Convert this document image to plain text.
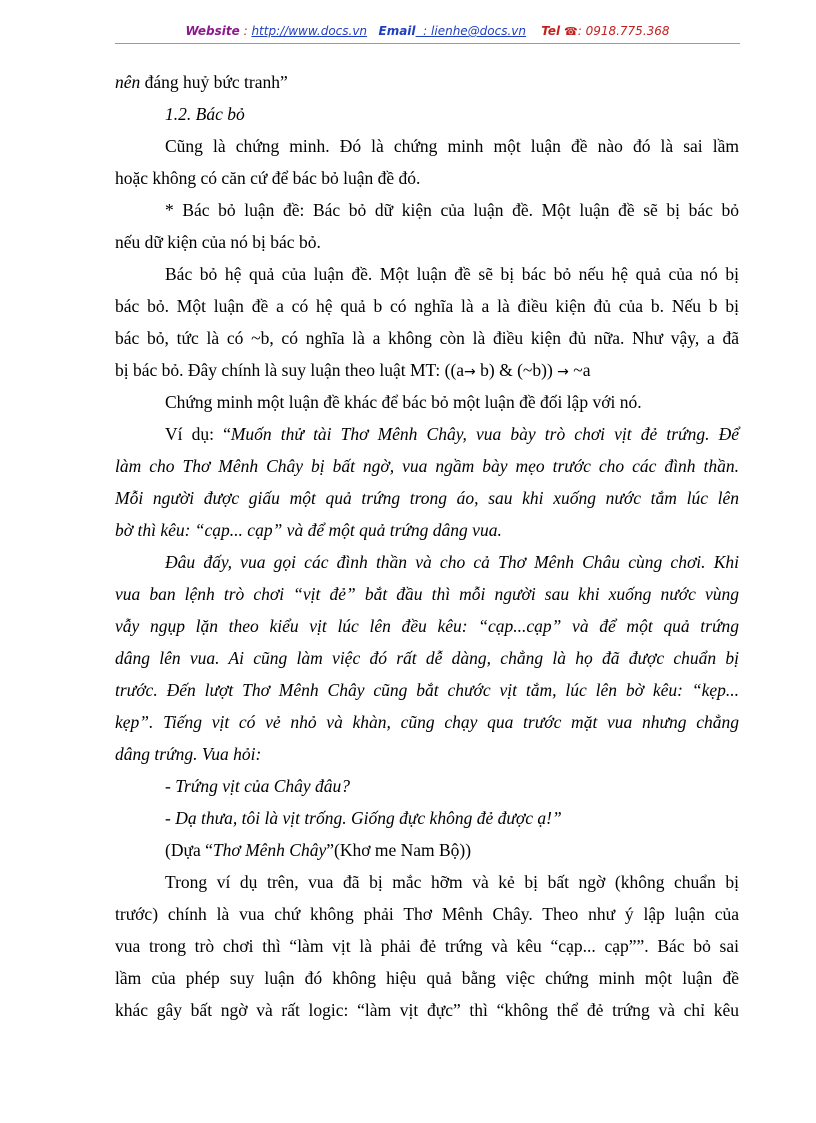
Website : http://www.docs.vn Email  : lienhe@docs.vn Tel ☎: 0918.775.368
nên đáng huỷ bức tranh”
1.2. Bác bỏ
Cũng là chứng minh. Đó là chứng minh một luận đề nào đó là sai lầm
hoặc không có căn cứ để bác bỏ luận đề đó.
* Bác bỏ luận đề: Bác bỏ dữ kiện của luận đề. Một luận đề sẽ bị bác bỏ
nếu dữ kiện của nó bị bác bỏ.
Bác bỏ hệ quả của luận đề. Một luận đề sẽ bị bác bỏ nếu hệ quả của nó bị
bác bỏ. Một luận đề a có hệ quả b có nghĩa là a là điều kiện đủ của b. Nếu b bị
bác bỏ, tức là có ~b, có nghĩa là a không còn là điều kiện đủ nữa. Như vậy, a đã
bị bác bỏ. Đây chính là suy luận theo luật MT: ((a→ b) & (~b)) → ~a
Chứng minh một luận đề khác để bác bỏ một luận đề đối lập với nó.
Ví dụ: “Muốn thử tài Thơ Mênh Chây, vua bày trò chơi vịt đẻ trứng. Để
làm cho Thơ Mênh Chây bị bất ngờ, vua ngầm bày mẹo trước cho các đình thần.
Mỗi người được giấu một quả trứng trong áo, sau khi xuống nước tắm lúc lên
bờ thì kêu: “cạp... cạp” và để một quả trứng dâng vua.
Đâu đấy, vua gọi các đình thần và cho cả Thơ Mênh Châu cùng chơi. Khi
vua ban lệnh trò chơi “vịt đẻ” bắt đầu thì mỗi người sau khi xuống nước vùng
vẫy ngụp lặn theo kiểu vịt lúc lên đều kêu: “cạp...cạp” và để một quả trứng
dâng lên vua. Ai cũng làm việc đó rất dễ dàng, chẳng là họ đã được chuẩn bị
trước. Đến lượt Thơ Mênh Chây cũng bắt chước vịt tắm, lúc lên bờ kêu: “kẹp...
kẹp”. Tiếng vịt có vẻ nhỏ và khàn, cũng chạy qua trước mặt vua nhưng chẳng
dâng trứng. Vua hỏi:
- Trứng vịt của Chây đâu?
- Dạ thưa, tôi là vịt trống. Giống đực không đẻ được ạ!”
(Dựa “Thơ Mênh Chây”(Khơ me Nam Bộ))
Trong ví dụ trên, vua đã bị mắc hỡm và kẻ bị bất ngờ (không chuẩn bị
trước) chính là vua chứ không phải Thơ Mênh Chây. Theo như ý lập luận của
vua trong trò chơi thì “làm vịt là phải đẻ trứng và kêu “cạp... cạp””. Bác bỏ sai
lầm của phép suy luận đó không hiệu quả bằng việc chứng minh một luận đề
khác gây bất ngờ và rất logic: “làm vịt đực” thì “không thể đẻ trứng và chỉ kêu
